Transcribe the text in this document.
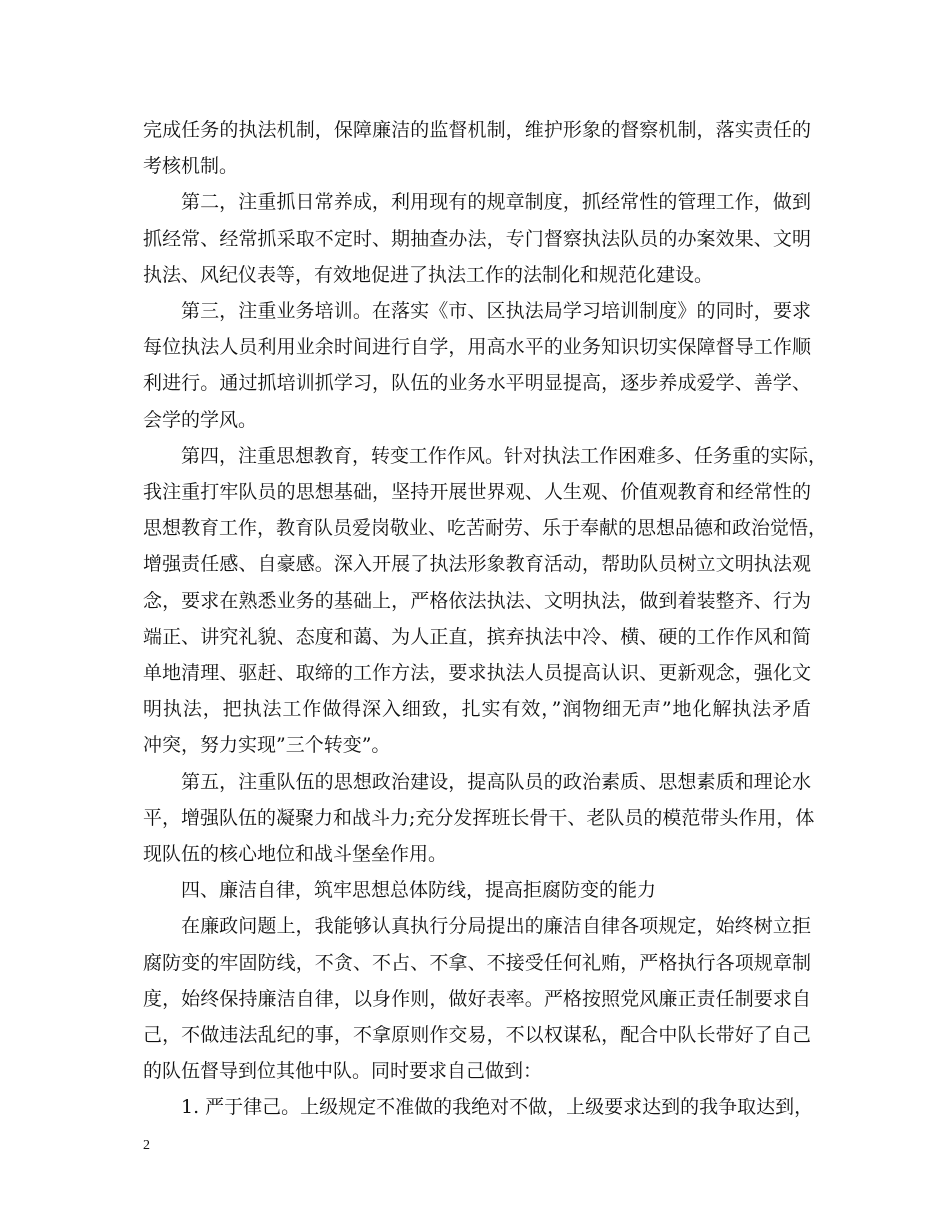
完成任务的执法机制，保障廉洁的监督机制，维护形象的督察机制，落实责任的
考核机制。

第二，注重抓日常养成，利用现有的规章制度，抓经常性的管理工作，做到
抓经常、经常抓采取不定时、期抽查办法，专门督察执法队员的办案效果、文明
执法、风纪仪表等，有效地促进了执法工作的法制化和规范化建设。

第三，注重业务培训。在落实《市、区执法局学习培训制度》的同时，要求
每位执法人员利用业余时间进行自学，用高水平的业务知识切实保障督导工作顺
利进行。通过抓培训抓学习，队伍的业务水平明显提高，逐步养成爱学、善学、
会学的学风。

第四，注重思想教育，转变工作作风。针对执法工作困难多、任务重的实际，
我注重打牢队员的思想基础，坚持开展世界观、人生观、价值观教育和经常性的
思想教育工作，教育队员爱岗敬业、吃苦耐劳、乐于奉献的思想品德和政治觉悟，
增强责任感、自豪感。深入开展了执法形象教育活动，帮助队员树立文明执法观
念，要求在熟悉业务的基础上，严格依法执法、文明执法，做到着装整齐、行为
端正、讲究礼貌、态度和蔼、为人正直，摈弃执法中冷、横、硬的工作作风和简
单地清理、驱赶、取缔的工作方法，要求执法人员提高认识、更新观念，强化文
明执法，把执法工作做得深入细致，扎实有效，”润物细无声”地化解执法矛盾
冲突，努力实现”三个转变”。

第五，注重队伍的思想政治建设，提高队员的政治素质、思想素质和理论水
平，增强队伍的凝聚力和战斗力;充分发挥班长骨干、老队员的模范带头作用，体
现队伍的核心地位和战斗堡垒作用。

四、廉洁自律，筑牢思想总体防线，提高拒腐防变的能力

在廉政问题上，我能够认真执行分局提出的廉洁自律各项规定，始终树立拒
腐防变的牢固防线，不贪、不占、不拿、不接受任何礼贿，严格执行各项规章制
度，始终保持廉洁自律，以身作则，做好表率。严格按照党风廉正责任制要求自
己，不做违法乱纪的事，不拿原则作交易，不以权谋私，配合中队长带好了自己
的队伍督导到位其他中队。同时要求自己做到：

1. 严于律己。上级规定不准做的我绝对不做，上级要求达到的我争取达到，

2
